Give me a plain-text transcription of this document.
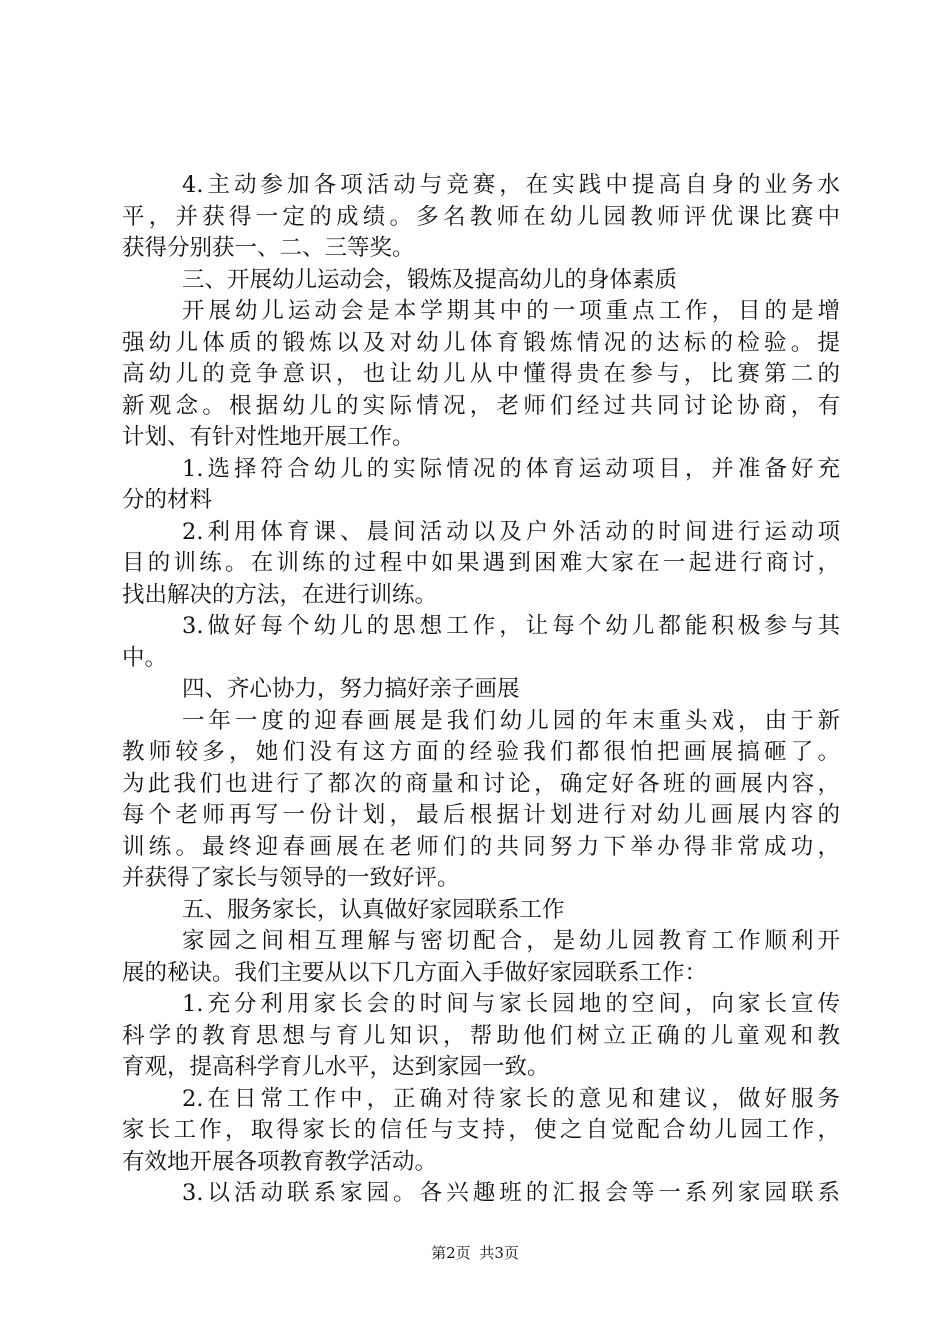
4.主动参加各项活动与竞赛，在实践中提高自身的业务水
平，并获得一定的成绩。多名教师在幼儿园教师评优课比赛中
获得分别获一、二、三等奖。
三、开展幼儿运动会，锻炼及提高幼儿的身体素质
开展幼儿运动会是本学期其中的一项重点工作，目的是增
强幼儿体质的锻炼以及对幼儿体育锻炼情况的达标的检验。提
高幼儿的竞争意识，也让幼儿从中懂得贵在参与，比赛第二的
新观念。根据幼儿的实际情况，老师们经过共同讨论协商，有
计划、有针对性地开展工作。
1.选择符合幼儿的实际情况的体育运动项目，并准备好充
分的材料
2.利用体育课、晨间活动以及户外活动的时间进行运动项
目的训练。在训练的过程中如果遇到困难大家在一起进行商讨，
找出解决的方法，在进行训练。
3.做好每个幼儿的思想工作，让每个幼儿都能积极参与其
中。
四、齐心协力，努力搞好亲子画展
一年一度的迎春画展是我们幼儿园的年末重头戏，由于新
教师较多，她们没有这方面的经验我们都很怕把画展搞砸了。
为此我们也进行了都次的商量和讨论，确定好各班的画展内容，
每个老师再写一份计划，最后根据计划进行对幼儿画展内容的
训练。最终迎春画展在老师们的共同努力下举办得非常成功，
并获得了家长与领导的一致好评。
五、服务家长，认真做好家园联系工作
家园之间相互理解与密切配合，是幼儿园教育工作顺利开
展的秘诀。我们主要从以下几方面入手做好家园联系工作：
1.充分利用家长会的时间与家长园地的空间，向家长宣传
科学的教育思想与育儿知识，帮助他们树立正确的儿童观和教
育观，提高科学育儿水平，达到家园一致。
2.在日常工作中，正确对待家长的意见和建议，做好服务
家长工作，取得家长的信任与支持，使之自觉配合幼儿园工作，
有效地开展各项教育教学活动。
3.以活动联系家园。各兴趣班的汇报会等一系列家园联系
第2页 共3页
